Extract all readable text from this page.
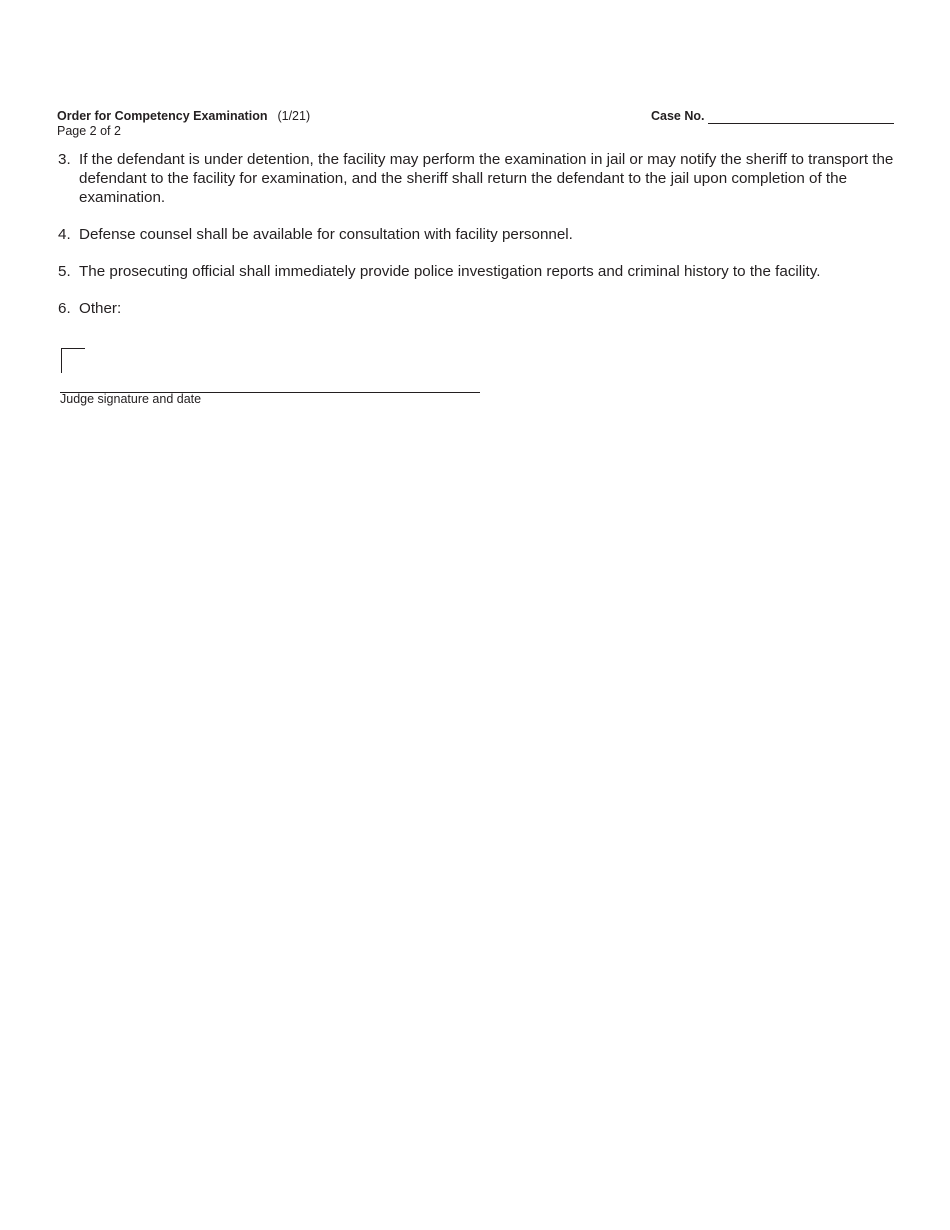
Order for Competency Examination (1/21)
Page 2 of 2
Case No.
3. If the defendant is under detention, the facility may perform the examination in jail or may notify the sheriff to transport the defendant to the facility for examination, and the sheriff shall return the defendant to the jail upon completion of the examination.
4. Defense counsel shall be available for consultation with facility personnel.
5. The prosecuting official shall immediately provide police investigation reports and criminal history to the facility.
6. Other:
Judge signature and date
